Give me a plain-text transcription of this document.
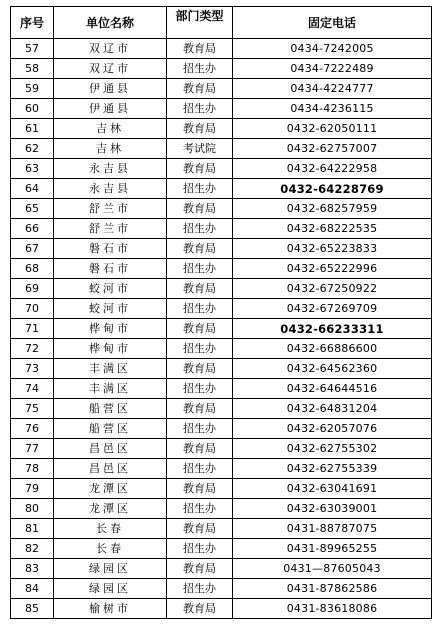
序号	单位名称	部门类型	固定电话
57	双辽市	教育局	0434-7242005
58	双辽市	招生办	0434-7222489
59	伊通县	教育局	0434-4224777
60	伊通县	招生办	0434-4236115
61	吉林	教育局	0432-62050111
62	吉林	考试院	0432-62757007
63	永吉县	教育局	0432-64222958
64	永吉县	招生办	0432-64228769
65	舒兰市	教育局	0432-68257959
66	舒兰市	招生办	0432-68222535
67	磐石市	教育局	0432-65223833
68	磐石市	招生办	0432-65222996
69	蛟河市	教育局	0432-67250922
70	蛟河市	招生办	0432-67269709
71	桦甸市	教育局	0432-66233311
72	桦甸市	招生办	0432-66886600
73	丰满区	教育局	0432-64562360
74	丰满区	招生办	0432-64644516
75	船营区	教育局	0432-64831204
76	船营区	招生办	0432-62057076
77	昌邑区	教育局	0432-62755302
78	昌邑区	招生办	0432-62755339
79	龙潭区	教育局	0432-63041691
80	龙潭区	招生办	0432-63039001
81	长春	教育局	0431-88787075
82	长春	招生办	0431-89965255
83	绿园区	教育局	0431—87605043
84	绿园区	招生办	0431-87862586
85	榆树市	教育局	0431-83618086
